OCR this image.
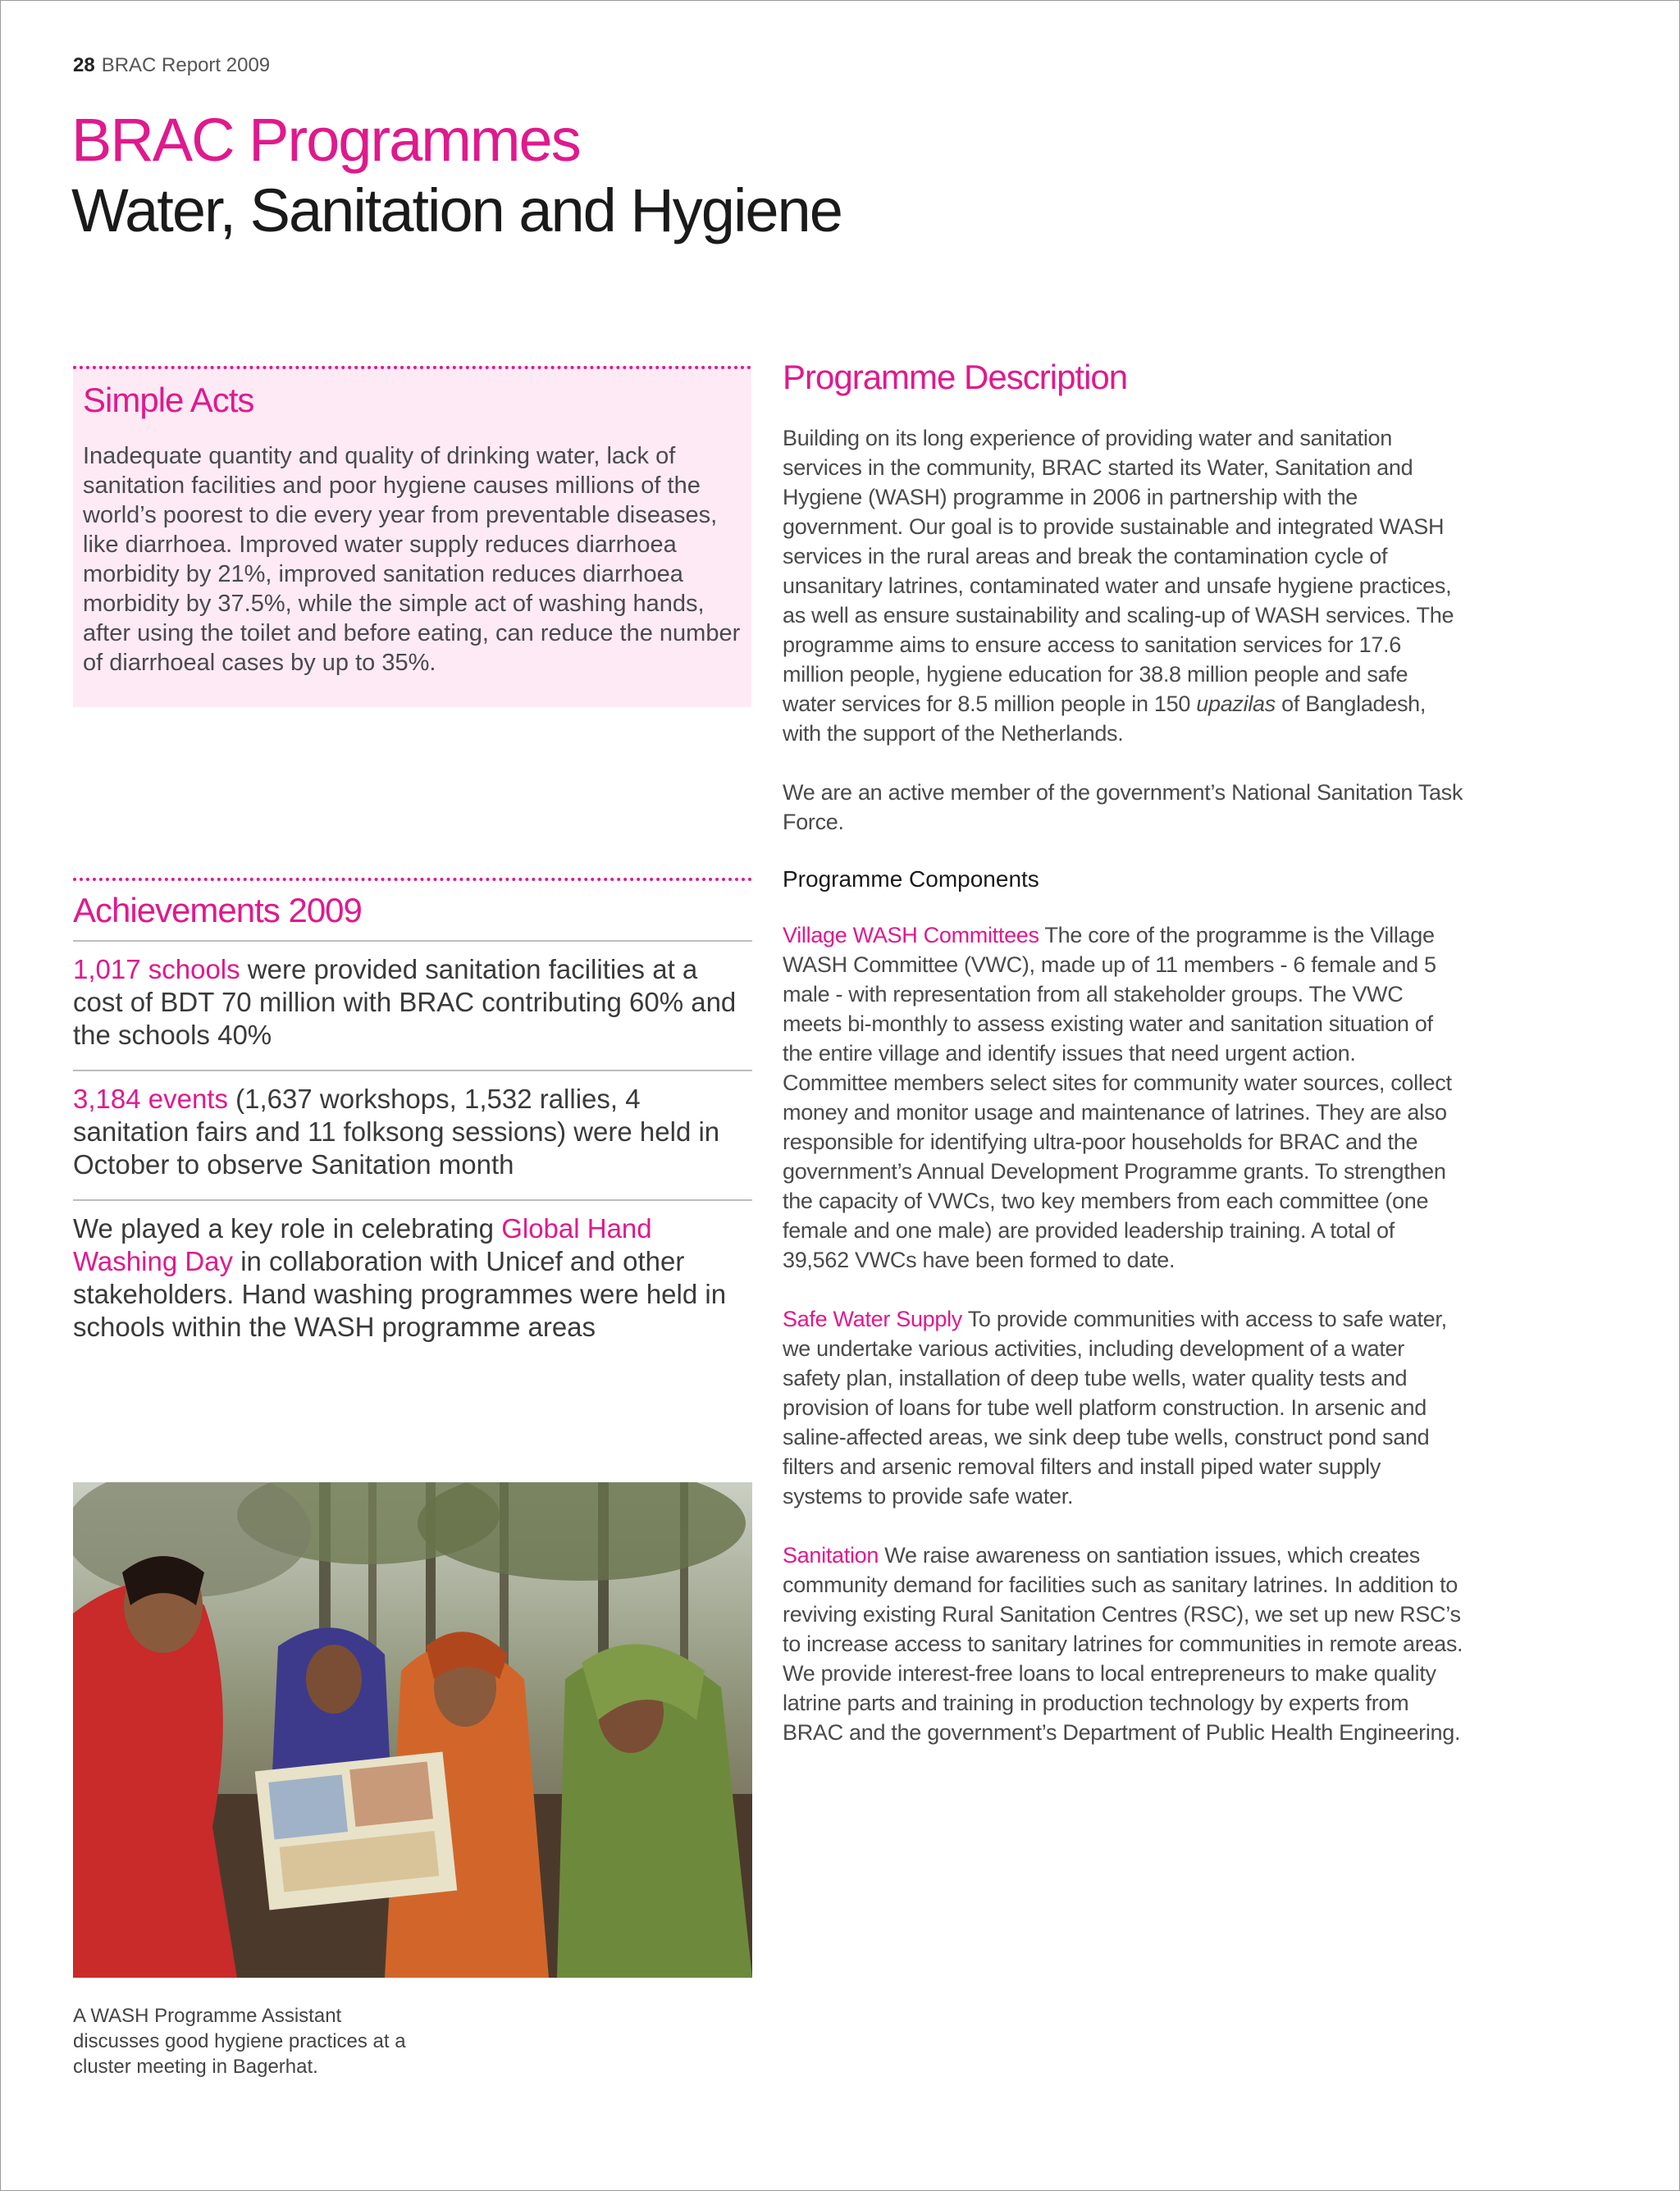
28 BRAC Report 2009
BRAC Programmes
Water, Sanitation and Hygiene
Simple Acts

Inadequate quantity and quality of drinking water, lack of sanitation facilities and poor hygiene causes millions of the world’s poorest to die every year from preventable diseases, like diarrhoea. Improved water supply reduces diarrhoea morbidity by 21%, improved sanitation reduces diarrhoea morbidity by 37.5%, while the simple act of washing hands, after using the toilet and before eating, can reduce the number of diarrhoeal cases by up to 35%.

Achievements 2009
1,017 schools were provided sanitation facilities at a cost of BDT 70 million with BRAC contributing 60% and the schools 40%
3,184 events (1,637 workshops, 1,532 rallies, 4 sanitation fairs and 11 folksong sessions) were held in October to observe Sanitation month
We played a key role in celebrating Global Hand Washing Day in collaboration with Unicef and other stakeholders. Hand washing programmes were held in schools within the WASH programme areas
A WASH Programme Assistant discusses good hygiene practices at a cluster meeting in Bagerhat.
Programme Description

Building on its long experience of providing water and sanitation services in the community, BRAC started its Water, Sanitation and Hygiene (WASH) programme in 2006 in partnership with the government. Our goal is to provide sustainable and integrated WASH services in the rural areas and break the contamination cycle of unsanitary latrines, contaminated water and unsafe hygiene practices, as well as ensure sustainability and scaling-up of WASH services. The programme aims to ensure access to sanitation services for 17.6 million people, hygiene education for 38.8 million people and safe water services for 8.5 million people in 150 upazilas of Bangladesh, with the support of the Netherlands.

We are an active member of the government’s National Sanitation Task Force.

Programme Components

Village WASH Committees The core of the programme is the Village WASH Committee (VWC), made up of 11 members - 6 female and 5 male - with representation from all stakeholder groups. The VWC meets bi-monthly to assess existing water and sanitation situation of the entire village and identify issues that need urgent action. Committee members select sites for community water sources, collect money and monitor usage and maintenance of latrines. They are also responsible for identifying ultra-poor households for BRAC and the government’s Annual Development Programme grants. To strengthen the capacity of VWCs, two key members from each committee (one female and one male) are provided leadership training. A total of 39,562 VWCs have been formed to date.

Safe Water Supply To provide communities with access to safe water, we undertake various activities, including development of a water safety plan, installation of deep tube wells, water quality tests and provision of loans for tube well platform construction. In arsenic and saline-affected areas, we sink deep tube wells, construct pond sand filters and arsenic removal filters and install piped water supply systems to provide safe water.

Sanitation We raise awareness on santiation issues, which creates community demand for facilities such as sanitary latrines. In addition to reviving existing Rural Sanitation Centres (RSC), we set up new RSC’s to increase access to sanitary latrines for communities in remote areas. We provide interest-free loans to local entrepreneurs to make quality latrine parts and training in production technology by experts from BRAC and the government’s Department of Public Health Engineering.
